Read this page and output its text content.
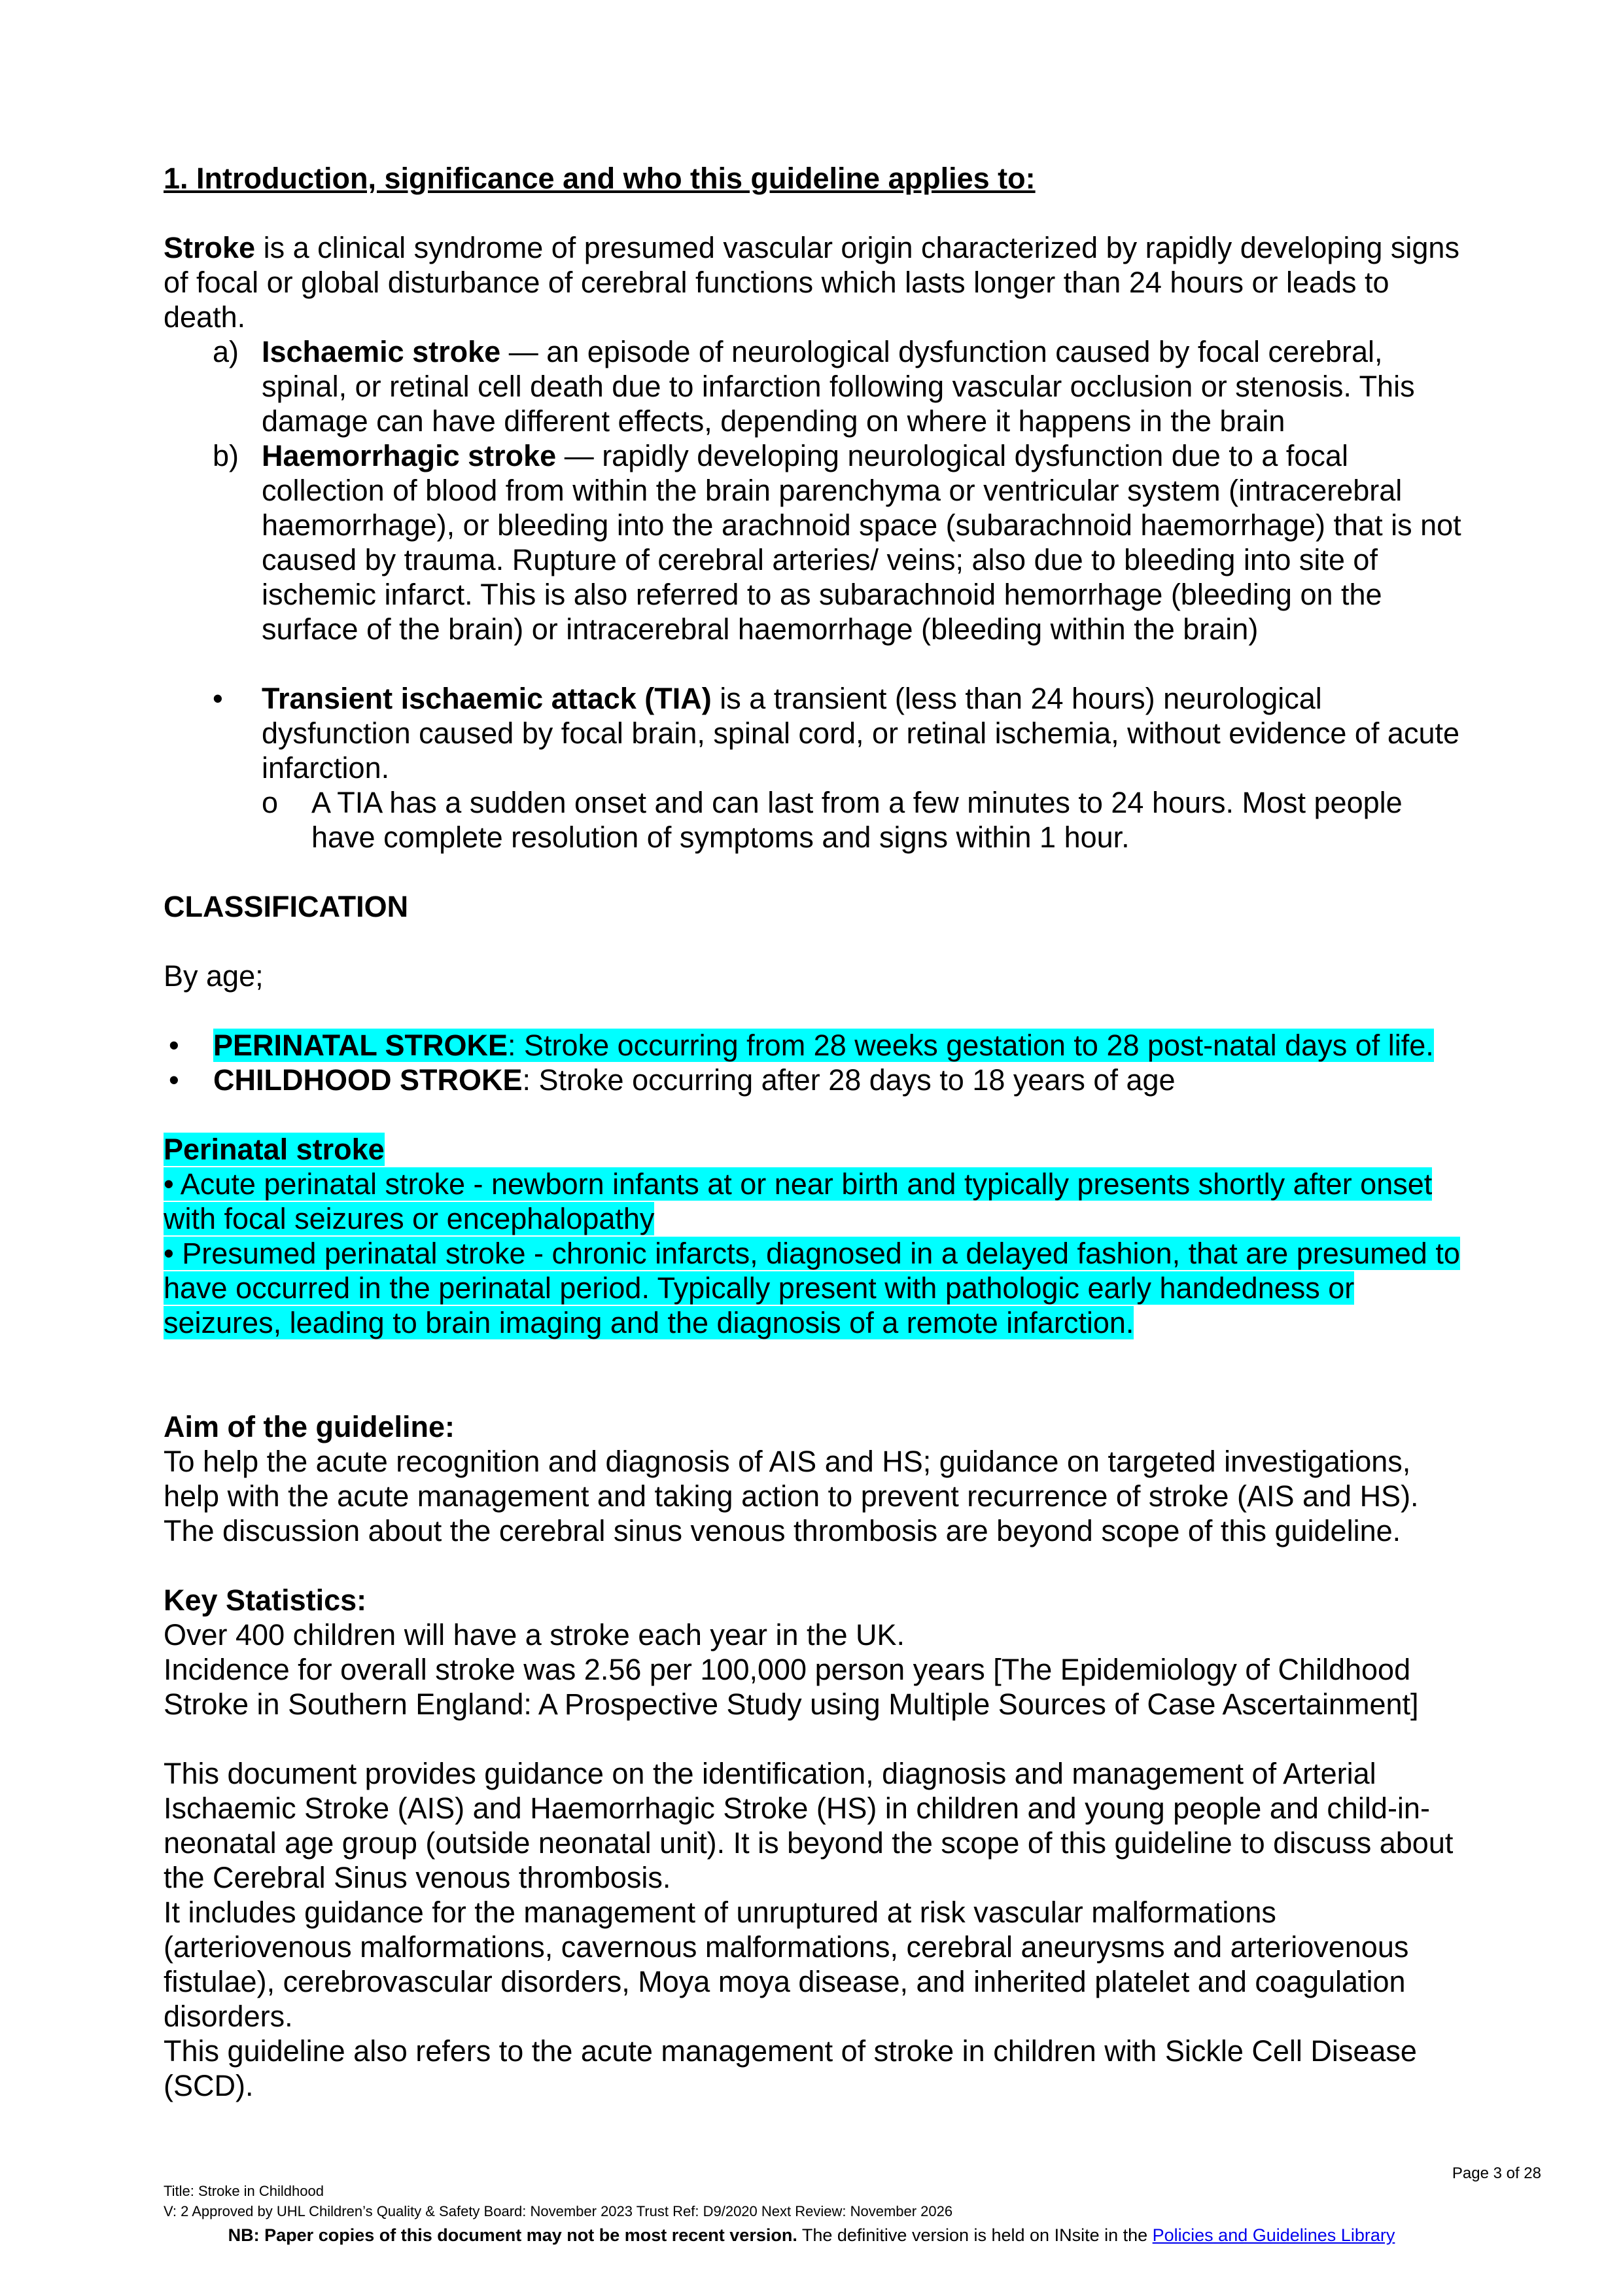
1. Introduction, significance and who this guideline applies to:

Stroke is a clinical syndrome of presumed vascular origin characterized by rapidly developing signs of focal or global disturbance of cerebral functions which lasts longer than 24 hours or leads to death.

a) Ischaemic stroke — an episode of neurological dysfunction caused by focal cerebral, spinal, or retinal cell death due to infarction following vascular occlusion or stenosis. This damage can have different effects, depending on where it happens in the brain
b) Haemorrhagic stroke — rapidly developing neurological dysfunction due to a focal collection of blood from within the brain parenchyma or ventricular system (intracerebral haemorrhage), or bleeding into the arachnoid space (subarachnoid haemorrhage) that is not caused by trauma. Rupture of cerebral arteries/ veins; also due to bleeding into site of ischemic infarct. This is also referred to as subarachnoid hemorrhage (bleeding on the surface of the brain) or intracerebral haemorrhage (bleeding within the brain)
• Transient ischaemic attack (TIA) is a transient (less than 24 hours) neurological dysfunction caused by focal brain, spinal cord, or retinal ischemia, without evidence of acute infarction.
o A TIA has a sudden onset and can last from a few minutes to 24 hours. Most people have complete resolution of symptoms and signs within 1 hour.

CLASSIFICATION

By age;

• PERINATAL STROKE: Stroke occurring from 28 weeks gestation to 28 post-natal days of life.
• CHILDHOOD STROKE: Stroke occurring after 28 days to 18 years of age

Perinatal stroke

• Acute perinatal stroke - newborn infants at or near birth and typically presents shortly after onset with focal seizures or encephalopathy

• Presumed perinatal stroke - chronic infarcts, diagnosed in a delayed fashion, that are presumed to have occurred in the perinatal period. Typically present with pathologic early handedness or seizures, leading to brain imaging and the diagnosis of a remote infarction.

Aim of the guideline:

To help the acute recognition and diagnosis of AIS and HS; guidance on targeted investigations, help with the acute management and taking action to prevent recurrence of stroke (AIS and HS). The discussion about the cerebral sinus venous thrombosis are beyond scope of this guideline.

Key Statistics:

Over 400 children will have a stroke each year in the UK.

Incidence for overall stroke was 2.56 per 100,000 person years [The Epidemiology of Childhood Stroke in Southern England: A Prospective Study using Multiple Sources of Case Ascertainment]

This document provides guidance on the identification, diagnosis and management of Arterial Ischaemic Stroke (AIS) and Haemorrhagic Stroke (HS) in children and young people and child-in-neonatal age group (outside neonatal unit). It is beyond the scope of this guideline to discuss about the Cerebral Sinus venous thrombosis.

It includes guidance for the management of unruptured at risk vascular malformations (arteriovenous malformations, cavernous malformations, cerebral aneurysms and arteriovenous fistulae), cerebrovascular disorders, Moya moya disease, and inherited platelet and coagulation disorders.

This guideline also refers to the acute management of stroke in children with Sickle Cell Disease (SCD).

Page 3 of 28
Title: Stroke in Childhood
V: 2 Approved by UHL Children’s Quality & Safety Board: November 2023 Trust Ref: D9/2020 Next Review: November 2026
NB: Paper copies of this document may not be most recent version. The definitive version is held on INsite in the Policies and Guidelines Library
